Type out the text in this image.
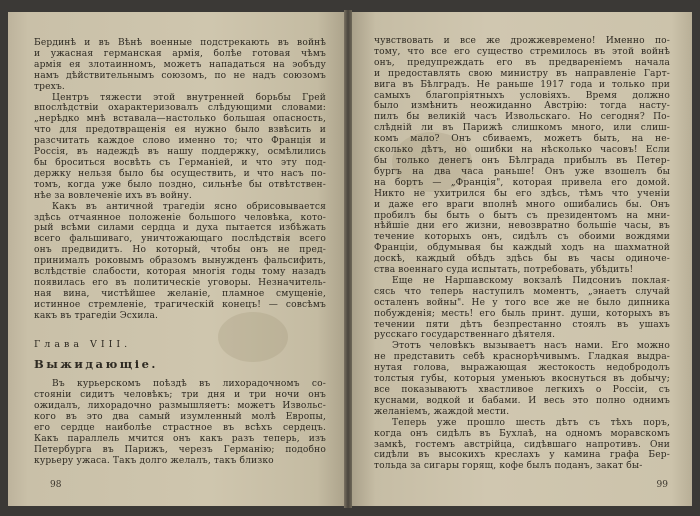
Бердинѣ и въ Вѣнѣ военные подстрекають въ войнѣ

и ужасная германская армія, болѣе готовая чѣмъ

армія ея злотаинномъ, можетъ нападаться на эобъду

намъ дѣйствительнымъ союзомъ, по не надъ союзомъ

трехъ.

Центръ тяжести этой внутренней борьбы Грей

впослѣдствіи охарактеризовалъ слѣдующими словами:

„нерѣдко мнѣ вставала—настолько большая опасность,

что для предотвращенія ея нужно было взвѣсить и

разсчитать каждое слово именно то; что Франція и

Россія, въ надеждѣ въ нашу поддержку, осмѣлились

бы броситься восвѣть съ Германіей, и что эту под-

держку нельзя было бы осуществить, и что насъ по-

томъ, когда уже было поздно, сильнѣе бы отвѣтствен-

нѣе за вовлеченіе ихъ въ войну.

Какъ въ античной трагедіи ясно обрисовывается

здѣсь отчаянное положеніе большого человѣка, кото-

рый всѣми силами сердца и духа пытается избѣжать

всего фальшиваго, уничтожающаго послѣдствія всего

онъ предвидитъ. Но который, чтобы онъ не пред-

принималъ роковымъ образомъ вынужденъ фальсифить,

вслѣдствіе слабости, которая многія годы тому назадъ

появилась его въ политическіе уговоры. Незначитель-

ная вина, чистѣйшее желаніе, пламное смущеніе,

истинное стремленіе, трагическій конецъ! — совсѣмъ

какъ въ трагедіи Эсхила.

Глава VIII.

Выжидающіе.

Въ курьерскомъ поѣздѣ въ лихорадочномъ со-

стояніи сидитъ человѣкъ; три дня и три ночи онъ

ожидалъ, лихорадочно размышляетъ: можетъ Извольс-

кого въ это два самый изумленный молѣ Европы,

его сердце наиболѣе страстное въ всѣхъ сердецъ.

Какъ параллель мчится онъ какъ разъ теперь, изъ

Петербурга въ Парижъ, черезъ Германію; подобно

курьеру ужаса. Такъ долго желалъ, такъ близко

98

чувствовать и все же дрожжевремено! Именно по-

тому, что все его существо стремилось въ этой войнѣ

онъ, предупреждать его въ предвареніемъ начала

и предоставлять свою министру въ направленіе Гарт-

вига въ Бѣлградъ. Не раньше 1917 года и только при

самыхъ благопріятныхъ условіяхъ. Время должно

было измѣнить неожиданно Австрію: тогда насту-

пилъ бы великій часъ Извольскаго. Но сегодня? По-

слѣдній ли въ Парижѣ слишкомъ много, или слиш-

комъ мало? Онъ сбиваемъ, можетъ быть, на не-

сколько дѣтъ, но ошибки на нѣсколько часовъ! Если

бы только денегъ онъ Бѣлграда прибылъ въ Петер-

бургъ на два часа раньше! Онъ уже взошелъ бы

на бортъ — „Франція", которая привела его домой.

Никто не ухитрился бы его здѣсь, тѣмъ что ученіи

и даже его враги вполнѣ много ошибались бы. Онъ

пробилъ бы быть о бытъ съ президентомъ на мни-

нѣйшіе дни его жизни, невозвратно большіе часы, въ

течение которыхъ онъ, сидѣлъ съ обоими вождями

Франціи, обдумывая бы каждый ходъ на шахматной

доскѣ, каждый обѣдъ здѣсь бы въ часы одиноче-

ства военнаго суда испытать, потребовать, убѣдить!

Еще не Наршавскому вокзалѣ Пидсониъ поклая-

сясь что теперь наступилъ моментъ, „энаетъ случай

осталенъ войны". Не у того все же не было дипника

побужденія; месть! его быль принт. души, которыхъ въ

течении пяти дѣтъ безпрестанно стоялъ въ ушахъ

русскаго государственнаго дѣятеля.

Этотъ человѣкъ вызываетъ насъ нами. Его можно

не представить себѣ краснорѣчивымъ. Гладкая выдра-

нутая голова, выражающая жестокость недобродолъ

толстыя губы, которыя уменьюъ вкоснуться въ добычу;

все показываютъ хвастливое легкихъ о Россіи, съ

куснами, водкой и бабами. И весь это полно однимъ

желаніемъ, жаждой мести.

Теперь уже прошло шесть дѣтъ съ тѣхъ поръ,

когда онъ сидѣлъ въ Бухлаѣ, на одномъ моравскомъ

замкѣ, гостемъ австрійца, сидѣвшаго напротивъ. Они

сидѣли въ высокихъ креслахъ у камина графа Бер-

тольда за сигары горящ, кофе былъ поданъ, закат бы-

99
